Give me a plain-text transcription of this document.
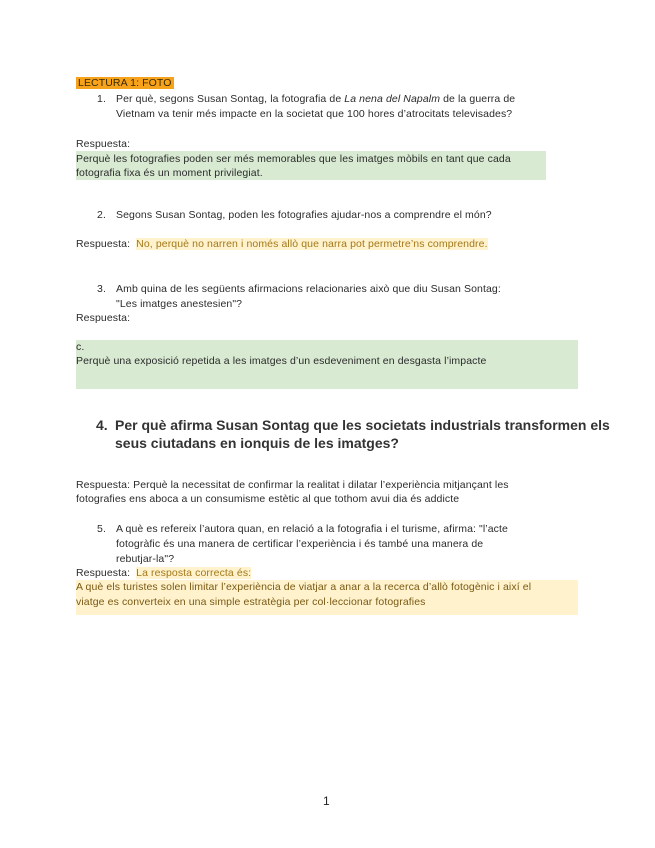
LECTURA 1: FOTO
1. Per què, segons Susan Sontag, la fotografia de La nena del Napalm de la guerra de
Vietnam va tenir més impacte en la societat que 100 hores d’atrocitats televisades?
Respuesta:
Perquè les fotografies poden ser més memorables que les imatges mòbils en tant que cada
fotografia fixa és un moment privilegiat.
2. Segons Susan Sontag, poden les fotografies ajudar-nos a comprendre el món?
Respuesta: No, perquè no narren i només allò que narra pot permetre’ns comprendre.
3. Amb quina de les següents afirmacions relacionaries això que diu Susan Sontag:
"Les imatges anestesien"?
Respuesta:
c.
Perquè una exposició repetida a les imatges d’un esdeveniment en desgasta l’impacte
4. Per què afirma Susan Sontag que les societats industrials transformen els
seus ciutadans en ionquis de les imatges?
Respuesta: Perquè la necessitat de confirmar la realitat i dilatar l’experiència mitjançant les
fotografies ens aboca a un consumisme estètic al que tothom avui dia és addicte
5. A què es refereix l’autora quan, en relació a la fotografia i el turisme, afirma: "l’acte
fotogràfic és una manera de certificar l’experiència i és també una manera de
rebutjar-la"?
Respuesta: La resposta correcta és:
A què els turistes solen limitar l’experiència de viatjar a anar a la recerca d’allò fotogènic i així el
viatge es converteix en una simple estratègia per col·leccionar fotografies
1
